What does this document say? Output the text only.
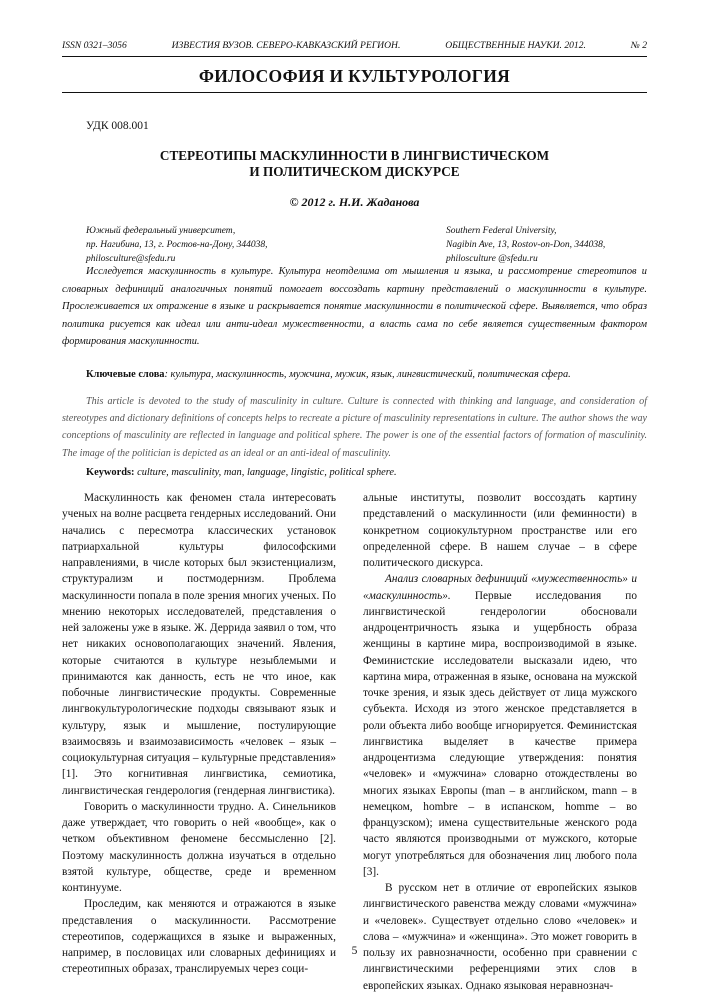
ISSN 0321–3056	ИЗВЕСТИЯ ВУЗОВ. СЕВЕРО-КАВКАЗСКИЙ РЕГИОН.	ОБЩЕСТВЕННЫЕ НАУКИ. 2012.	№ 2
ФИЛОСОФИЯ И КУЛЬТУРОЛОГИЯ
УДК 008.001
СТЕРЕОТИПЫ МАСКУЛИННОСТИ В ЛИНГВИСТИЧЕСКОМ
И ПОЛИТИЧЕСКОМ ДИСКУРСЕ
© 2012 г. Н.И. Жаданова
Южный федеральный университет,
пр. Нагибина, 13, г. Ростов-на-Дону, 344038,
philosculture@sfedu.ru
Southern Federal University,
Nagibin Ave, 13, Rostov-on-Don, 344038,
philosculture @sfedu.ru

Исследуется маскулинность в культуре. Культура неотделима от мышления и языка, и рассмотрение стереотипов и словарных дефиниций аналогичных понятий помогает воссоздать картину представлений о маскулинности в культуре. Прослеживается их отражение в языке и раскрывается понятие маскулинности в политической сфере. Выявляется, что образ политика рисуется как идеал или анти-идеал мужественности, а власть сама по себе является существенным фактором формирования маскулинности.

Ключевые слова: культура, маскулинность, мужчина, мужик, язык, лингвистический, политическая сфера.

This article is devoted to the study of masculinity in culture. Culture is connected with thinking and language, and consideration of stereotypes and dictionary definitions of concepts helps to recreate a picture of masculinity representations in culture. The author shows the way conceptions of masculinity are reflected in language and political sphere. The power is one of the essential factors of formation of masculinity. The image of the politician is depicted as an ideal or an anti-ideal of masculinity.

Keywords: culture, masculinity, man, language, lingistic, political sphere.

Маскулинность как феномен стала интересовать ученых на волне расцвета гендерных исследований. Они начались с пересмотра классических установок патриархальной культуры философскими направлениями, в числе которых был экзистенциализм, структурализм и постмодернизм. Проблема маскулинности попала в поле зрения многих ученых. По мнению некоторых исследователей, представления о ней заложены уже в языке. Ж. Деррида заявил о том, что нет никаких основополагающих значений. Явления, которые считаются в культуре незыблемыми и принимаются как данность, есть не что иное, как побочные лингвистические продукты. Современные лингвокультурологические подходы связывают язык и культуру, язык и мышление, постулирующие взаимосвязь и взаимозависимость «человек – язык – социокультурная ситуация – культурные представления» [1]. Это когнитивная лингвистика, семиотика, лингвистическая гендерология (гендерная лингвистика).

Говорить о маскулинности трудно. А. Синельников даже утверждает, что говорить о ней «вообще», как о четком объективном феномене бессмысленно [2]. Поэтому маскулинность должна изучаться в отдельно взятой культуре, обществе, среде и временном континууме.

Проследим, как меняются и отражаются в языке представления о маскулинности. Рассмотрение стереотипов, содержащихся в языке и выраженных, например, в пословицах или словарных дефинициях и стереотипных образах, транслируемых через соци-

альные институты, позволит воссоздать картину представлений о маскулинности (или феминности) в конкретном социокультурном пространстве или его определенной сфере. В нашем случае – в сфере политического дискурса.

Анализ словарных дефиниций «мужественность» и «маскулинность». Первые исследования по лингвистической гендерологии обосновали андроцентричность языка и ущербность образа женщины в картине мира, воспроизводимой в языке. Феминистские исследователи высказали идею, что картина мира, отраженная в языке, основана на мужской точке зрения, и язык здесь действует от лица мужского субъекта. Исходя из этого женское представляется в роли объекта либо вообще игнорируется. Феминистская лингвистика выделяет в качестве примера андроцентизма следующие утверждения: понятия «человек» и «мужчина» словарно отождествлены во многих языках Европы (man – в английском, mann – в немецком, hombre – в испанском, homme – во французском); имена существительные женского рода часто являются производными от мужского, которые могут употребляться для обозначения лиц любого пола [3].

В русском нет в отличие от европейских языков лингвистического равенства между словами «мужчина» и «человек». Существует отдельно слово «человек» и слова – «мужчина» и «женщина». Это может говорить в пользу их равнозначности, особенно при сравнении с лингвистическими референциями этих слов в европейских языках. Однако языковая неравнознач-

5
